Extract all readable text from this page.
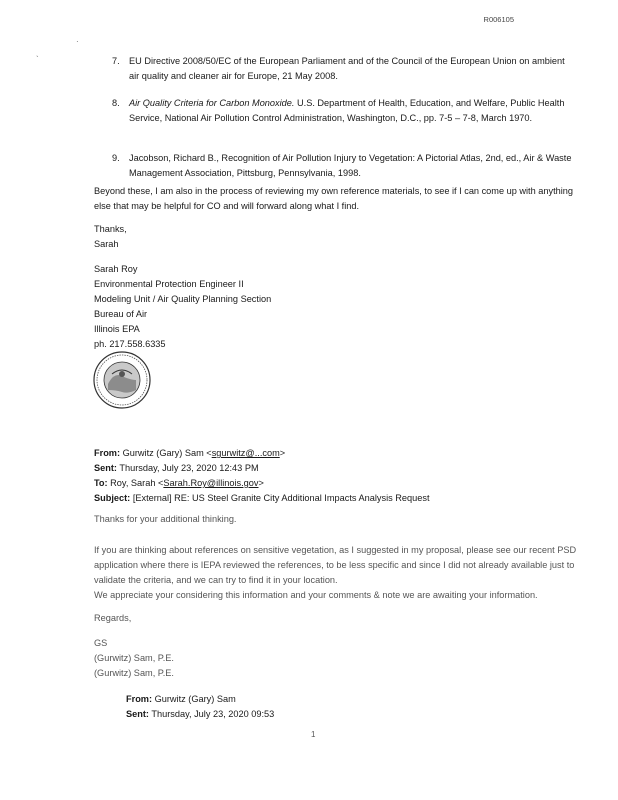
R006105
·
`	7. EU Directive 2008/50/EC of the European Parliament and of the Council of the European Union on ambient air quality and cleaner air for Europe, 21 May 2008.
8. Air Quality Criteria for Carbon Monoxide. U.S. Department of Health, Education, and Welfare, Public Health Service, National Air Pollution Control Administration, Washington, D.C., pp. 7-5 – 7-8, March 1970.
9. Jacobson, Richard B., Recognition of Air Pollution Injury to Vegetation: A Pictorial Atlas, 2nd, ed., Air & Waste Management Association, Pittsburg, Pennsylvania, 1998.
Beyond these, I am also in the process of reviewing my own reference materials, to see if I can come up with anything else that may be helpful for CO and will forward along what I find.
Thanks,
Sarah
Sarah Roy
Environmental Protection Engineer II
Modeling Unit / Air Quality Planning Section
Bureau of Air
Illinois EPA
ph. 217.558.6335
From: Gurwitz (Gary) Sam <sgurwitz@...com>
Sent: Thursday, July 23, 2020 12:43 PM
To: Roy, Sarah <Sarah.Roy@illinois.gov>
Subject: [External] RE: US Steel Granite City Additional Impacts Analysis Request
Thanks for your additional thinking.
If you are thinking about references on sensitive vegetation, as I suggested in my proposal, please see our recent PSD application where there is IEPA reviewed the references, to be less specific and since I did not already available just to validate the criteria, and we can try to find it in your location.
We appreciate your considering this information and your comments & note we are awaiting your information.
Regards,
GS
(Gurwitz) Sam, P.E.
(Gurwitz) Sam, P.E.
From: Gurwitz (Gary) Sam
Sent: Thursday, July 23, 2020 09:53
1
